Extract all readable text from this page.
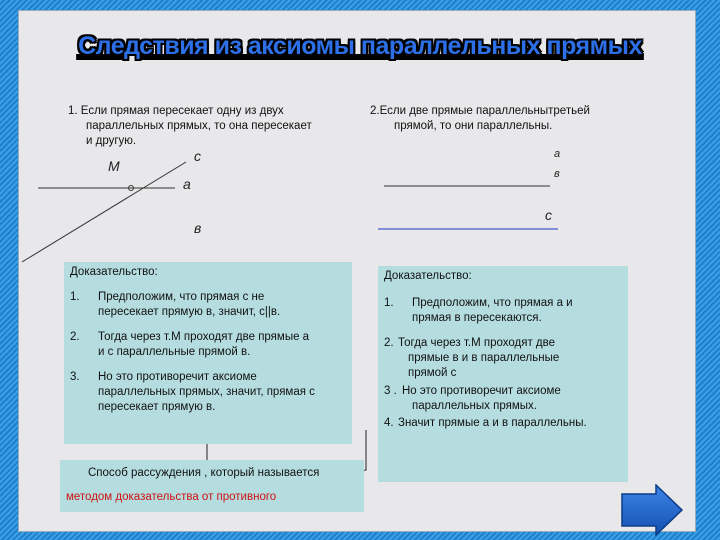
Следствия из аксиомы параллельных прямых
1. Если прямая пересекает одну из двух
параллельных прямых, то она пересекает
и другую.
2.Если две прямые параллельнытретьей
прямой, то они параллельны.
М
с
а
в
а
в
с
Доказательство:
1. Предположим, что прямая с не
пересекает прямую в, значит, с||в.
2. Тогда через т.М проходят две прямые а
и с параллельные прямой в.
3. Но это противоречит аксиоме
параллельных прямых, значит, прямая с
пересекает прямую в.
Доказательство:
1. Предположим, что прямая а и
прямая в пересекаются.
2. Тогда через т.М проходят две
прямые в и в параллельные
прямой с
3 . Но это противоречит аксиоме
параллельных прямых.
4. Значит прямые а и в параллельны.
Способ рассуждения , который называется
методом доказательства от противного
